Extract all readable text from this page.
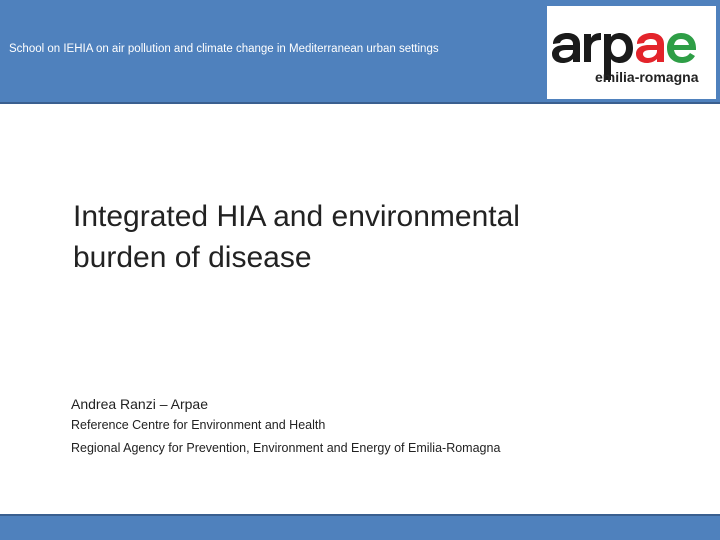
School on IEHIA on air pollution and climate change in Mediterranean urban settings
emilia-romagna
Integrated HIA and environmental
burden of disease
Andrea Ranzi – Arpae
Reference Centre for Environment and Health
Regional Agency for Prevention, Environment and Energy of Emilia-Romagna
